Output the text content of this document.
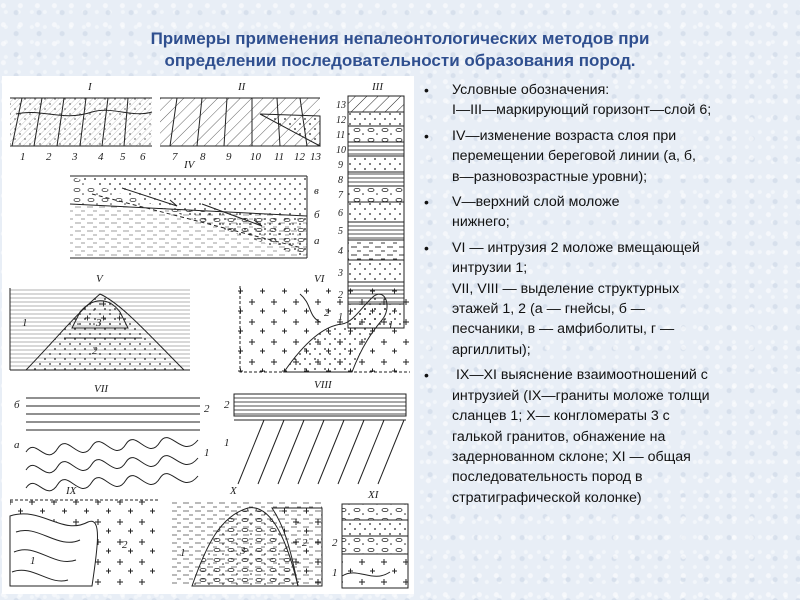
Примеры применения непалеонтологических методов при
определении последовательности образования пород.
I
1 2 3 4 5 6
II
7 8 9 10 11 12 13
III
13
12
11
10
9
8
7
6
5
4
3
IV
в
б
а
V
3
2
1
VI
2
1
VII
б
а
2
1
VIII
2
1
IX
1
2
X
1
2
3
XI
2
1
• Условные обозначения:
I—III—маркирующий горизонт—слой 6;
• IV—изменение возраста слоя при
перемещении береговой линии (а, б,
в—разновозрастные уровни);
• V—верхний слой моложе
нижнего;
• VI — интрузия 2 моложе вмещающей
интрузии 1;
VII, VIII — выделение структурных
этажей 1, 2 (а — гнейсы, б —
песчаники, в — амфиболиты, г —
аргиллиты);
• IX—XI выяснение взаимоотношений с
интрузией (IX—граниты моложе толщи
сланцев 1; X— конгломераты 3 с
галькой гранитов, обнажение на
задернованном склоне; XI — общая
последовательность пород в
стратиграфической колонке)
